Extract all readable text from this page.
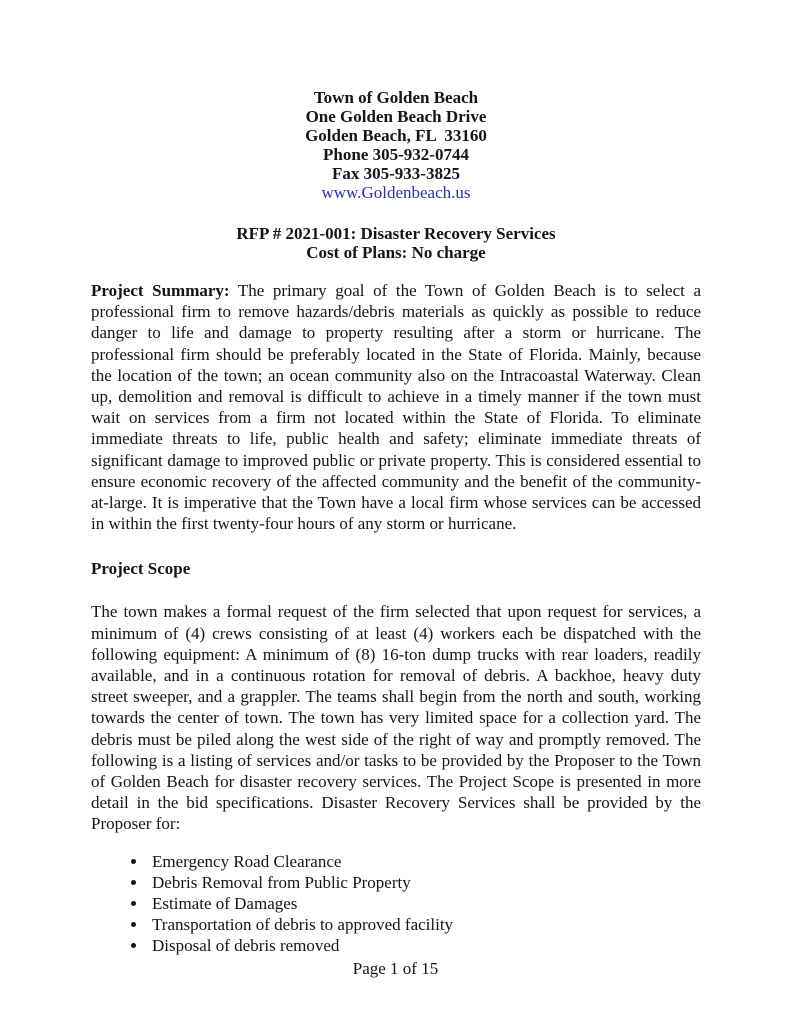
Town of Golden Beach
One Golden Beach Drive
Golden Beach, FL  33160
Phone 305-932-0744
Fax 305-933-3825
www.Goldenbeach.us
RFP # 2021-001: Disaster Recovery Services
Cost of Plans: No charge

Project Summary: The primary goal of the Town of Golden Beach is to select a professional firm to remove hazards/debris materials as quickly as possible to reduce danger to life and damage to property resulting after a storm or hurricane. The professional firm should be preferably located in the State of Florida. Mainly, because the location of the town; an ocean community also on the Intracoastal Waterway. Clean up, demolition and removal is difficult to achieve in a timely manner if the town must wait on services from a firm not located within the State of Florida. To eliminate immediate threats to life, public health and safety; eliminate immediate threats of significant damage to improved public or private property. This is considered essential to ensure economic recovery of the affected community and the benefit of the community-at-large. It is imperative that the Town have a local firm whose services can be accessed in within the first twenty-four hours of any storm or hurricane.

Project Scope

The town makes a formal request of the firm selected that upon request for services, a minimum of (4) crews consisting of at least (4) workers each be dispatched with the following equipment: A minimum of (8) 16-ton dump trucks with rear loaders, readily available, and in a continuous rotation for removal of debris. A backhoe, heavy duty street sweeper, and a grappler. The teams shall begin from the north and south, working towards the center of town. The town has very limited space for a collection yard. The debris must be piled along the west side of the right of way and promptly removed. The following is a listing of services and/or tasks to be provided by the Proposer to the Town of Golden Beach for disaster recovery services. The Project Scope is presented in more detail in the bid specifications. Disaster Recovery Services shall be provided by the Proposer for:

• Emergency Road Clearance
• Debris Removal from Public Property
• Estimate of Damages
• Transportation of debris to approved facility
• Disposal of debris removed
Page 1 of 15
